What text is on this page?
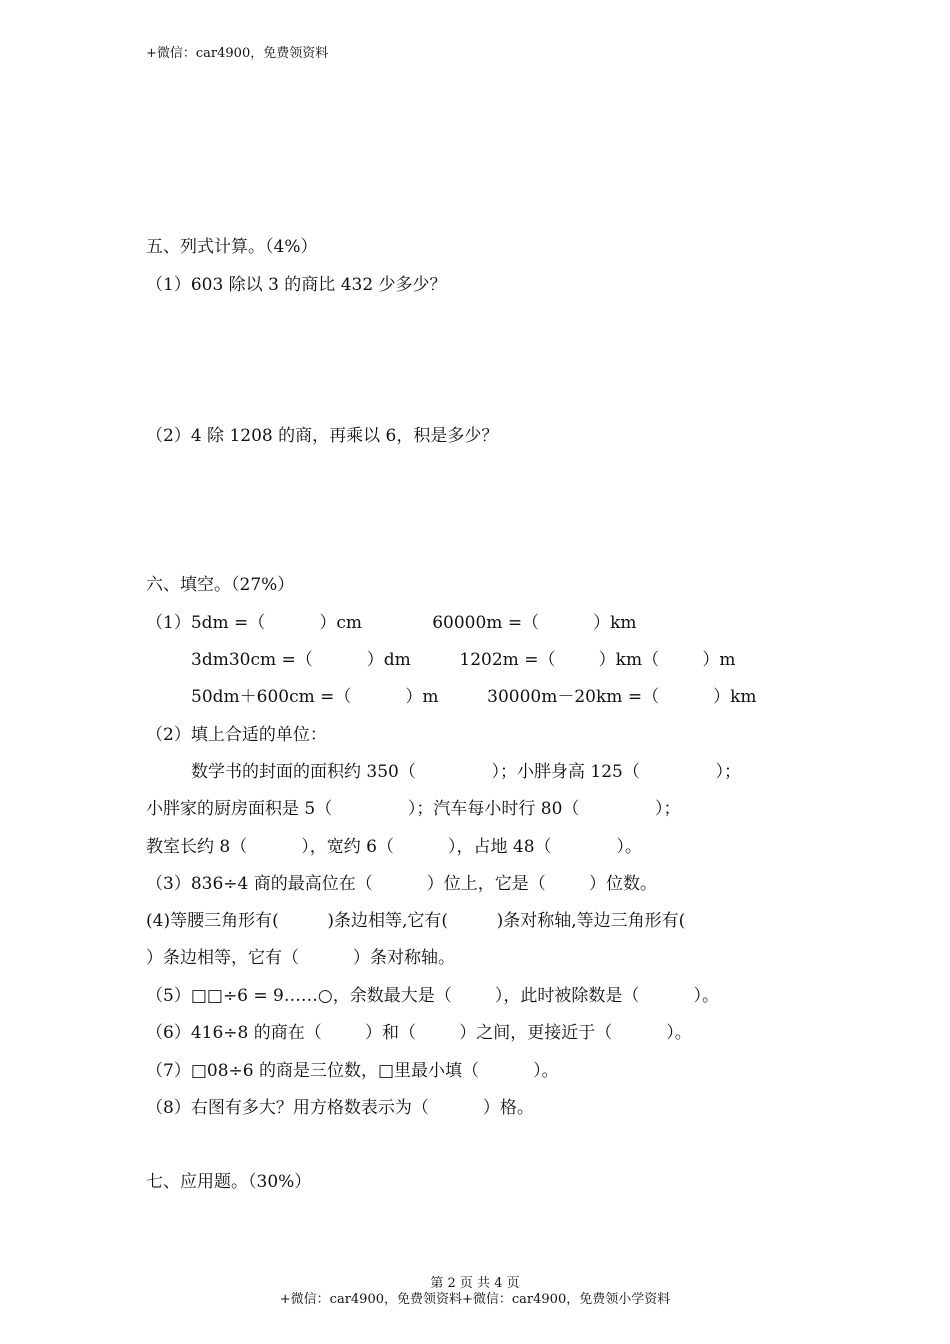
+微信：car4900，免费领资料
五、列式计算。（4%）
（1）603 除以 3 的商比 432 少多少？
（2）4 除 1208 的商，再乘以 6，积是多少？
六、填空。（27%）
（1）5dm =（          ）cm             60000m =（          ）km
3dm30cm =（          ）dm         1202m =（        ）km（        ）m
50dm＋600cm =（          ）m         30000m－20km =（          ）km
（2）填上合适的单位：
数学书的封面的面积约 350（              ）；小胖身高 125（              ）；
小胖家的厨房面积是 5（              ）；汽车每小时行 80（              ）；
教室长约 8（          ），宽约 6（          ），占地 48（            ）。
（3）836÷4 商的最高位在（          ）位上，它是（        ）位数。
(4)等腰三角形有(         )条边相等,它有(         )条对称轴,等边三角形有(
）条边相等，它有（          ）条对称轴。
（5）□□÷6 = 9……○，余数最大是（        ），此时被除数是（          ）。
（6）416÷8 的商在（        ）和（        ）之间，更接近于（          ）。
（7）□08÷6 的商是三位数，□里最小填（          ）。
（8）右图有多大？用方格数表示为（          ）格。
七、应用题。（30%）
第 2 页 共 4 页
+微信：car4900，免费领资料+微信：car4900，免费领小学资料
